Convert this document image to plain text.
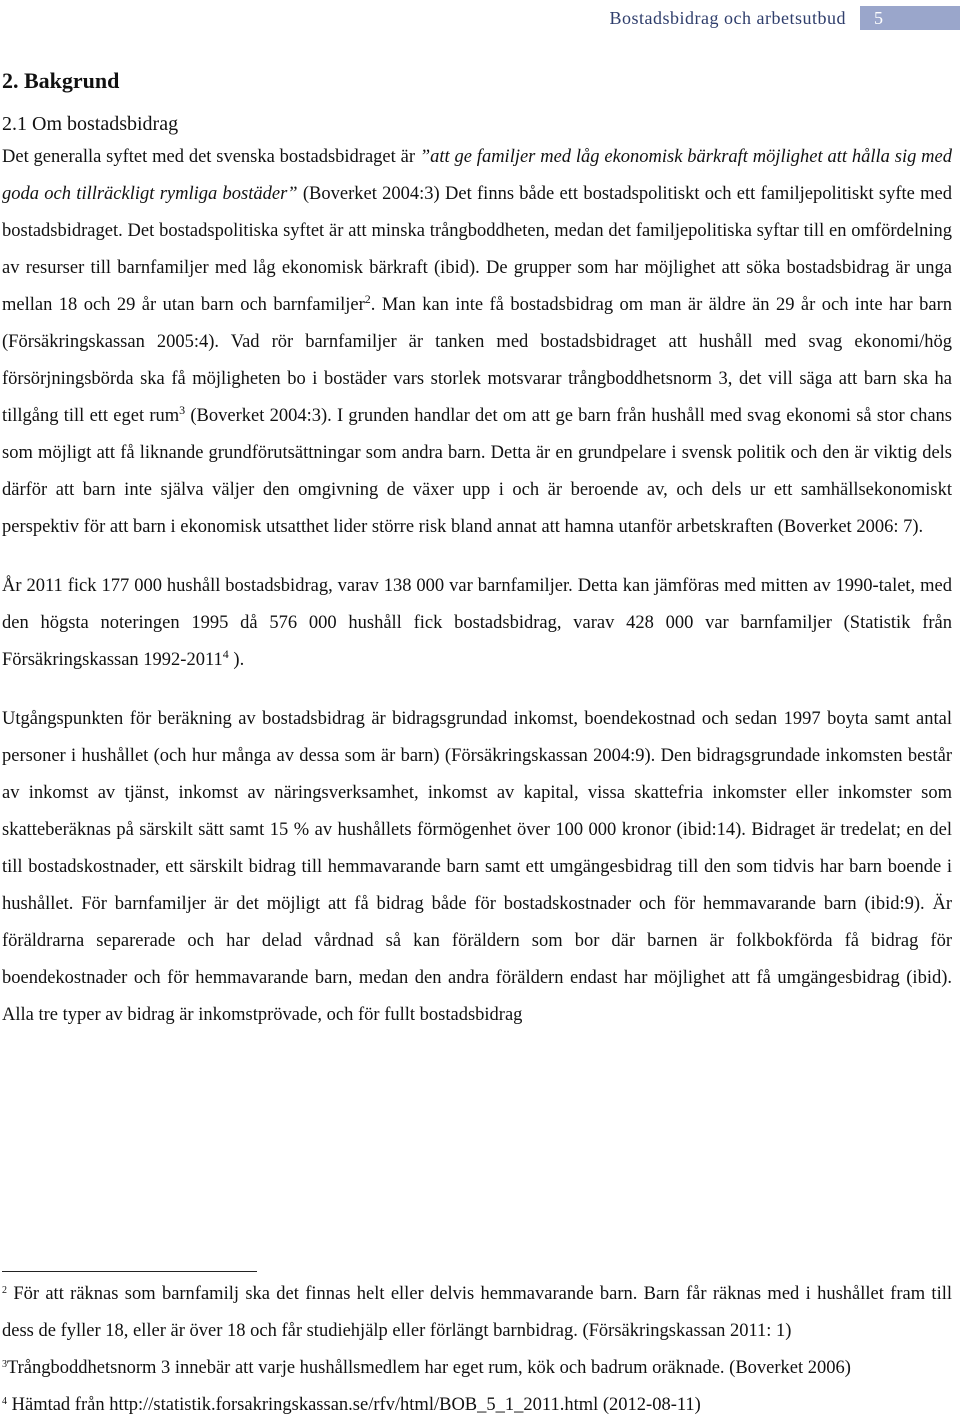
Bostadsbidrag och arbetsutbud	5
2. Bakgrund
2.1 Om bostadsbidrag

Det generalla syftet med det svenska bostadsbidraget är ”att ge familjer med låg ekonomisk bärkraft möjlighet att hålla sig med goda och tillräckligt rymliga bostäder” (Boverket 2004:3) Det finns både ett bostadspolitiskt och ett familjepolitiskt syfte med bostadsbidraget. Det bostadspolitiska syftet är att minska trångboddheten, medan det familjepolitiska syftar till en omfördelning av resurser till barnfamiljer med låg ekonomisk bärkraft (ibid). De grupper som har möjlighet att söka bostadsbidrag är unga mellan 18 och 29 år utan barn och barnfamiljer$^2$. Man kan inte få bostadsbidrag om man är äldre än 29 år och inte har barn (Försäkringskassan 2005:4). Vad rör barnfamiljer är tanken med bostadsbidraget att hushåll med svag ekonomi/hög försörjningsbörda ska få möjligheten bo i bostäder vars storlek motsvarar trångboddhetsnorm 3, det vill säga att barn ska ha tillgång till ett eget rum$^3$ (Boverket 2004:3). I grunden handlar det om att ge barn från hushåll med svag ekonomi så stor chans som möjligt att få liknande grundförutsättningar som andra barn. Detta är en grundpelare i svensk politik och den är viktig dels därför att barn inte själva väljer den omgivning de växer upp i och är beroende av, och dels ur ett samhällsekonomiskt perspektiv för att barn i ekonomisk utsatthet lider större risk bland annat att hamna utanför arbetskraften (Boverket 2006: 7).

År 2011 fick 177 000 hushåll bostadsbidrag, varav 138 000 var barnfamiljer. Detta kan jämföras med mitten av 1990-talet, med den högsta noteringen 1995 då 576 000 hushåll fick bostadsbidrag, varav 428 000 var barnfamiljer (Statistik från Försäkringskassan 1992-2011$^4$ ).

Utgångspunkten för beräkning av bostadsbidrag är bidragsgrundad inkomst, boendekostnad och sedan 1997 boyta samt antal personer i hushållet (och hur många av dessa som är barn) (Försäkringskassan 2004:9). Den bidragsgrundade inkomsten består av inkomst av tjänst, inkomst av näringsverksamhet, inkomst av kapital, vissa skattefria inkomster eller inkomster som skatteberäknas på särskilt sätt samt 15 % av hushållets förmögenhet över 100 000 kronor (ibid:14). Bidraget är tredelat; en del till bostadskostnader, ett särskilt bidrag till hemmavarande barn samt ett umgängesbidrag till den som tidvis har barn boende i hushållet. För barnfamiljer är det möjligt att få bidrag både för bostadskostnader och för hemmavarande barn (ibid:9). Är föräldrarna separerade och har delad vårdnad så kan föräldern som bor där barnen är folkbokförda få bidrag för boendekostnader och för hemmavarande barn, medan den andra föräldern endast har möjlighet att få umgängesbidrag (ibid). Alla tre typer av bidrag är inkomstprövade, och för fullt bostadsbidrag

$^2$ För att räknas som barnfamilj ska det finnas helt eller delvis hemmavarande barn. Barn får räknas med i hushållet fram till dess de fyller 18, eller är över 18 och får studiehjälp eller förlängt barnbidrag. (Försäkringskassan 2011: 1)

$^3$Trångboddhetsnorm 3 innebär att varje hushållsmedlem har eget rum, kök och badrum oräknade. (Boverket 2006)

$^4$ Hämtad från http://statistik.forsakringskassan.se/rfv/html/BOB_5_1_2011.html (2012-08-11)
